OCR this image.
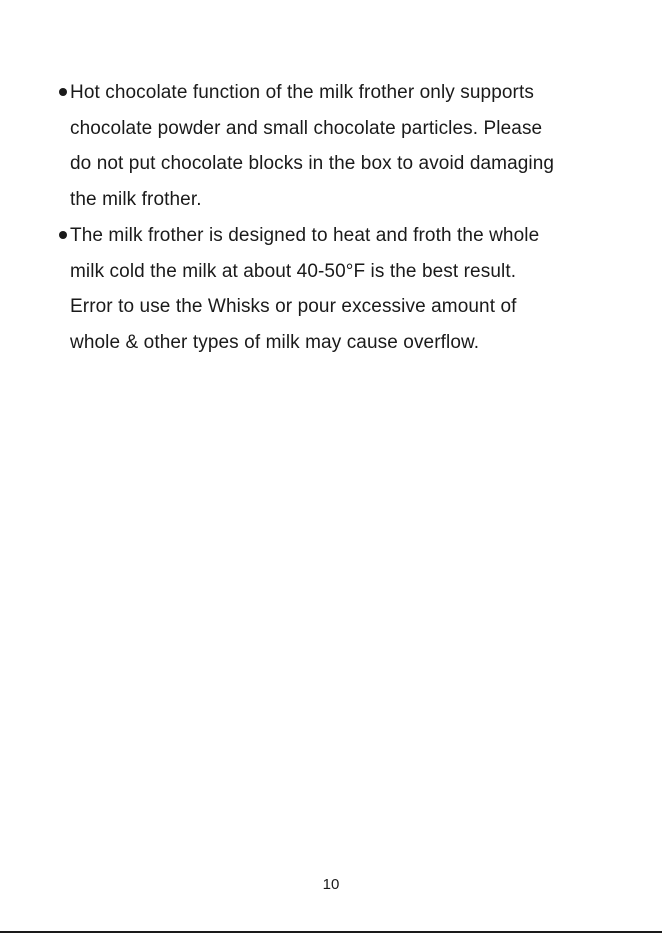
Hot chocolate function of the milk frother only supports
chocolate powder and small chocolate particles. Please
do not put chocolate blocks in the box to avoid damaging
the milk frother.
The milk frother is designed to heat and froth the whole
milk cold the milk at about 40-50°F is the best result.
Error to use the Whisks or pour excessive amount of
whole & other types of milk may cause overflow.
10
